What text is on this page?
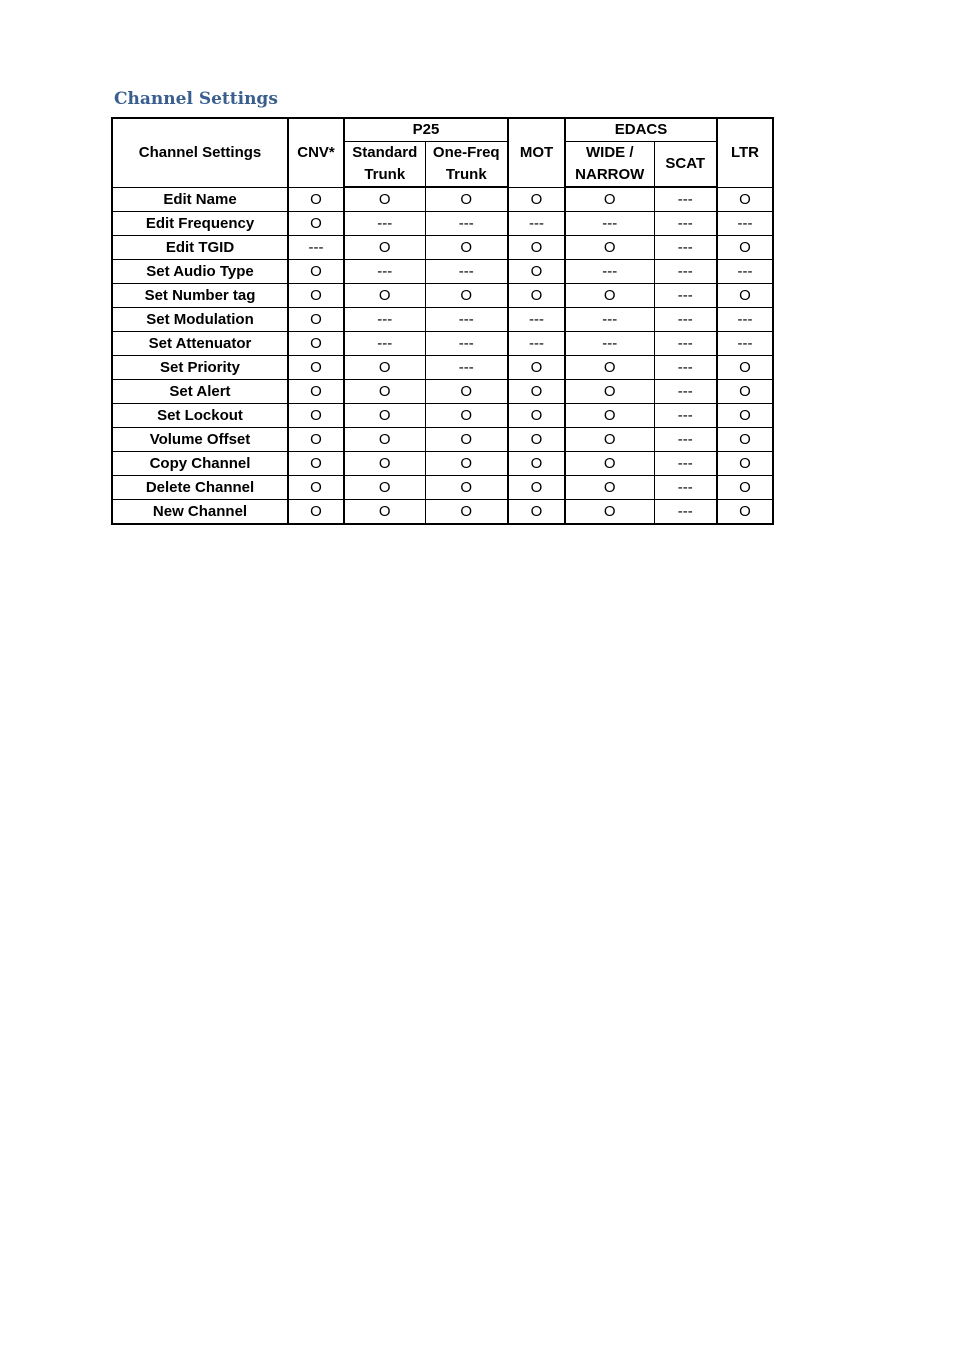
Channel Settings
Channel Settings	CNV*	P25		MOT	EDACS		LTR
		Standard Trunk	One-Freq Trunk		WIDE / NARROW	SCAT	
Edit Name	O	O	O	O	O	---	O
Edit Frequency	O	---	---	---	---	---	---
Edit TGID	---	O	O	O	O	---	O
Set Audio Type	O	---	---	O	---	---	---
Set Number tag	O	O	O	O	O	---	O
Set Modulation	O	---	---	---	---	---	---
Set Attenuator	O	---	---	---	---	---	---
Set Priority	O	O	---	O	O	---	O
Set Alert	O	O	O	O	O	---	O
Set Lockout	O	O	O	O	O	---	O
Volume Offset	O	O	O	O	O	---	O
Copy Channel	O	O	O	O	O	---	O
Delete Channel	O	O	O	O	O	---	O
New Channel	O	O	O	O	O	---	O
